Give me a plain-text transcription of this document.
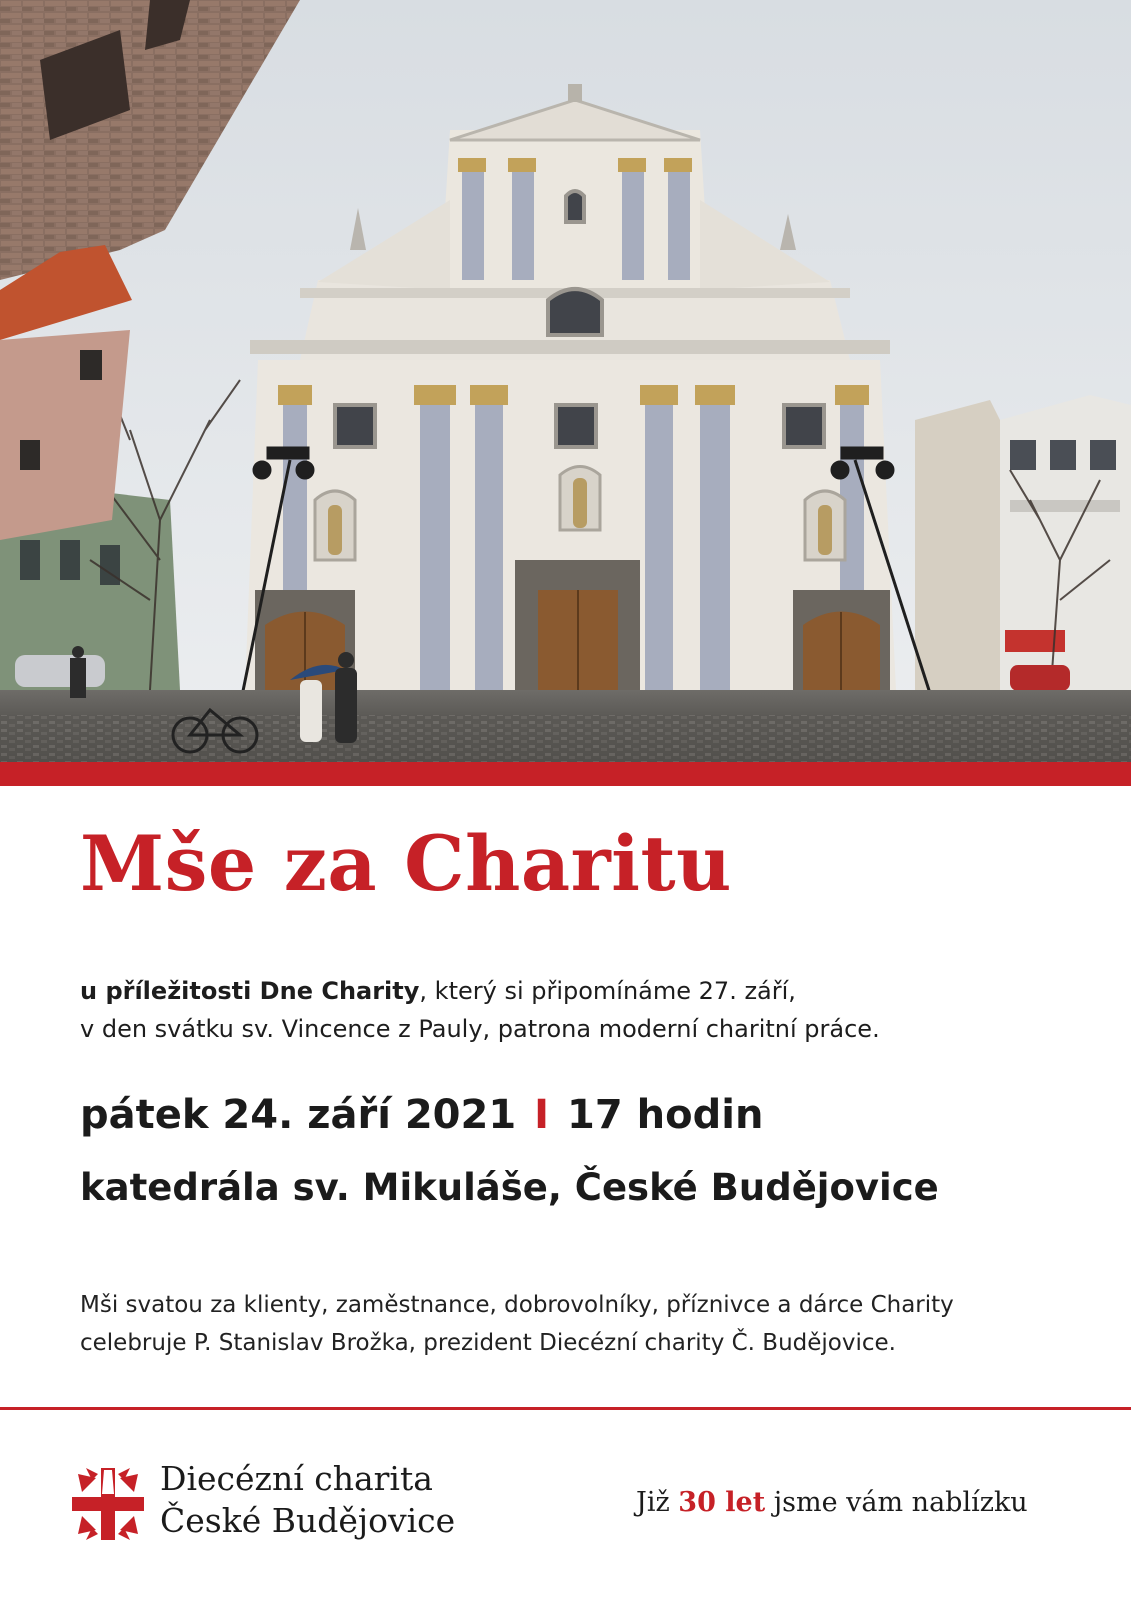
Mše za Charitu
u příležitosti Dne Charity, který si připomínáme 27. září,
v den svátku sv. Vincence z Pauly, patrona moderní charitní práce.
pátek 24. září 2021 I 17 hodin
katedrála sv. Mikuláše, České Budějovice
Mši svatou za klienty, zaměstnance, dobrovolníky, příznivce a dárce Charity
celebruje P. Stanislav Brožka, prezident Diecézní charity Č. Budějovice.
Diecézní charita
České Budějovice	Již 30 let jsme vám nablízku
